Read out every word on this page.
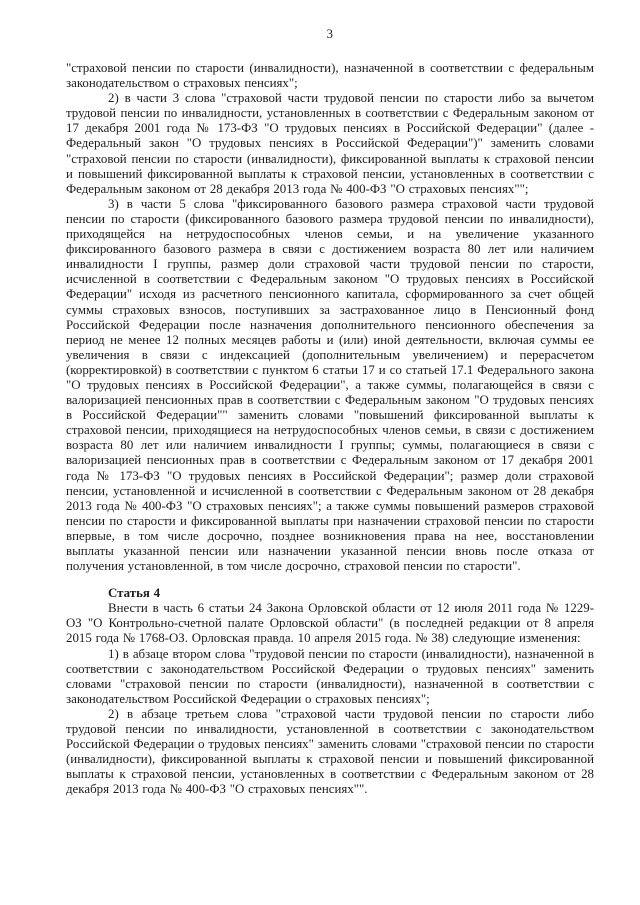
3

"страховой пенсии по старости (инвалидности), назначенной в соответствии с федеральным законодательством о страховых пенсиях";

2) в части 3 слова "страховой части трудовой пенсии по старости либо за вычетом трудовой пенсии по инвалидности, установленных в соответствии с Федеральным законом от 17 декабря 2001 года № 173-ФЗ "О трудовых пенсиях в Российской Федерации" (далее - Федеральный закон "О трудовых пенсиях в Российской Федерации")" заменить словами "страховой пенсии по старости (инвалидности), фиксированной выплаты к страховой пенсии и повышений фиксированной выплаты к страховой пенсии, установленных в соответствии с Федеральным законом от 28 декабря 2013 года № 400-ФЗ "О страховых пенсиях"";

3) в части 5 слова "фиксированного базового размера страховой части трудовой пенсии по старости (фиксированного базового размера трудовой пенсии по инвалидности), приходящейся на нетрудоспособных членов семьи, и на увеличение указанного фиксированного базового размера в связи с достижением возраста 80 лет или наличием инвалидности I группы, размер доли страховой части трудовой пенсии по старости, исчисленной в соответствии с Федеральным законом "О трудовых пенсиях в Российской Федерации" исходя из расчетного пенсионного капитала, сформированного за счет общей суммы страховых взносов, поступивших за застрахованное лицо в Пенсионный фонд Российской Федерации после назначения дополнительного пенсионного обеспечения за период не менее 12 полных месяцев работы и (или) иной деятельности, включая суммы ее увеличения в связи с индексацией (дополнительным увеличением) и перерасчетом (корректировкой) в соответствии с пунктом 6 статьи 17 и со статьей 17.1 Федерального закона "О трудовых пенсиях в Российской Федерации", а также суммы, полагающейся в связи с валоризацией пенсионных прав в соответствии с Федеральным законом "О трудовых пенсиях в Российской Федерации"" заменить словами "повышений фиксированной выплаты к страховой пенсии, приходящиеся на нетрудоспособных членов семьи, в связи с достижением возраста 80 лет или наличием инвалидности I группы; суммы, полагающиеся в связи с валоризацией пенсионных прав в соответствии с Федеральным законом от 17 декабря 2001 года № 173-ФЗ "О трудовых пенсиях в Российской Федерации"; размер доли страховой пенсии, установленной и исчисленной в соответствии с Федеральным законом от 28 декабря 2013 года № 400-ФЗ "О страховых пенсиях"; а также суммы повышений размеров страховой пенсии по старости и фиксированной выплаты при назначении страховой пенсии по старости впервые, в том числе досрочно, позднее возникновения права на нее, восстановлении выплаты указанной пенсии или назначении указанной пенсии вновь после отказа от получения установленной, в том числе досрочно, страховой пенсии по старости".

Статья 4

Внести в часть 6 статьи 24 Закона Орловской области от 12 июля 2011 года № 1229-ОЗ "О Контрольно-счетной палате Орловской области" (в последней редакции от 8 апреля 2015 года № 1768-ОЗ. Орловская правда. 10 апреля 2015 года. № 38) следующие изменения:

1) в абзаце втором слова "трудовой пенсии по старости (инвалидности), назначенной в соответствии с законодательством Российской Федерации о трудовых пенсиях" заменить словами "страховой пенсии по старости (инвалидности), назначенной в соответствии с законодательством Российской Федерации о страховых пенсиях";

2) в абзаце третьем слова "страховой части трудовой пенсии по старости либо трудовой пенсии по инвалидности, установленной в соответствии с законодательством Российской Федерации о трудовых пенсиях" заменить словами "страховой пенсии по старости (инвалидности), фиксированной выплаты к страховой пенсии и повышений фиксированной выплаты к страховой пенсии, установленных в соответствии с Федеральным законом от 28 декабря 2013 года № 400-ФЗ "О страховых пенсиях"".
